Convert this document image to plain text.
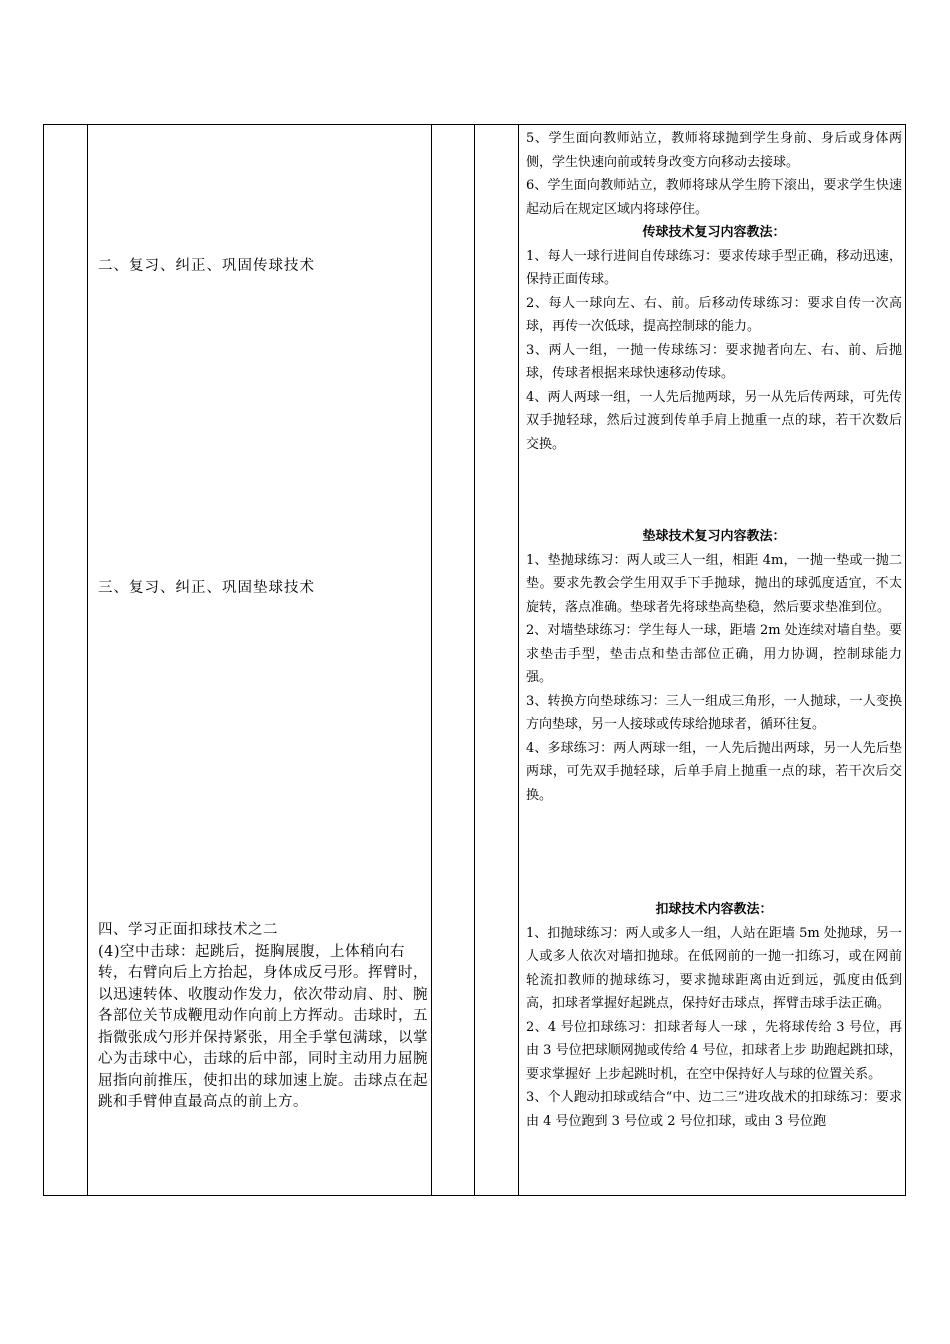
二、复习、纠正、巩固传球技术
三、复习、纠正、巩固垫球技术

四、学习正面扣球技术之二

(4)空中击球：起跳后，挺胸展腹，上体稍向右转，右臂向后上方抬起，身体成反弓形。挥臂时，以迅速转体、收腹动作发力，依次带动肩、肘、腕各部位关节成鞭甩动作向前上方挥动。击球时，五指微张成勺形并保持紧张，用全手掌包满球，以掌心为击球中心，击球的后中部，同时主动用力屈腕屈指向前推压，使扣出的球加速上旋。击球点在起跳和手臂伸直最高点的前上方。

5、学生面向教师站立，教师将球抛到学生身前、身后或身体两侧，学生快速向前或转身改变方向移动去接球。

6、学生面向教师站立，教师将球从学生胯下滚出，要求学生快速起动后在规定区域内将球停住。

传球技术复习内容教法：

1、每人一球行进间自传球练习：要求传球手型正确，移动迅速，保持正面传球。

2、每人一球向左、右、前。后移动传球练习：要求自传一次高球，再传一次低球，提高控制球的能力。

3、两人一组，一抛一传球练习：要求抛者向左、右、前、后抛球，传球者根据来球快速移动传球。

4、两人两球一组，一人先后抛两球，另一从先后传两球，可先传双手抛轻球，然后过渡到传单手肩上抛重一点的球，若干次数后交换。

垫球技术复习内容教法：

1、垫抛球练习：两人或三人一组，相距 4m，一抛一垫或一抛二垫。要求先教会学生用双手下手抛球，抛出的球弧度适宜，不太旋转，落点准确。垫球者先将球垫高垫稳，然后要求垫准到位。

2、对墙垫球练习：学生每人一球，距墙 2m 处连续对墙自垫。要求垫击手型，垫击点和垫击部位正确，用力协调，控制球能力强。

3、转换方向垫球练习：三人一组成三角形，一人抛球，一人变换方向垫球，另一人接球或传球给抛球者，循环往复。

4、多球练习：两人两球一组，一人先后抛出两球，另一人先后垫两球，可先双手抛轻球，后单手肩上抛重一点的球，若干次后交换。

扣球技术内容教法：

1、扣抛球练习：两人或多人一组，人站在距墙 5m 处抛球，另一人或多人依次对墙扣抛球。在低网前的一抛一扣练习，或在网前轮流扣教师的抛球练习，要求抛球距离由近到远，弧度由低到高，扣球者掌握好起跳点，保持好击球点，挥臂击球手法正确。

2、4 号位扣球练习：扣球者每人一球 ，先将球传给 3 号位，再由 3 号位把球顺网抛或传给 4 号位，扣球者上步 助跑起跳扣球，要求掌握好 上步起跳时机，在空中保持好人与球的位置关系。

3、个人跑动扣球或结合“中、边二三”进攻战术的扣球练习：要求由 4 号位跑到 3 号位或 2 号位扣球，或由 3 号位跑
